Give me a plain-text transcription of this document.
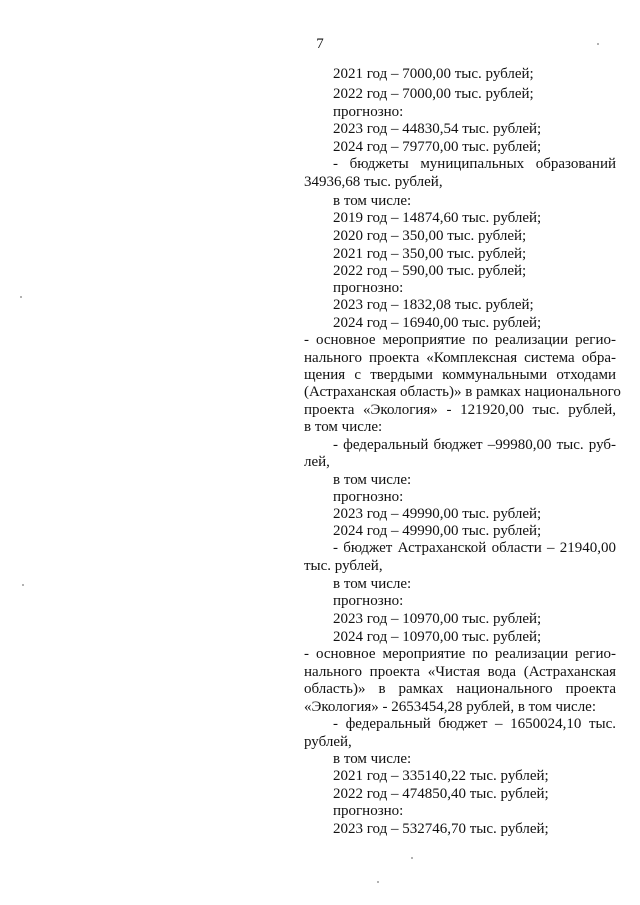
7
2021 год – 7000,00 тыс. рублей;
2022 год – 7000,00 тыс. рублей;
прогнозно:
2023 год – 44830,54 тыс. рублей;
2024 год – 79770,00 тыс. рублей;
- бюджеты муниципальных образований
34936,68 тыс. рублей,
в том числе:
2019 год – 14874,60 тыс. рублей;
2020 год – 350,00 тыс. рублей;
2021 год – 350,00 тыс. рублей;
2022 год – 590,00 тыс. рублей;
прогнозно:
2023 год – 1832,08 тыс. рублей;
2024 год – 16940,00 тыс. рублей;
- основное мероприятие по реализации регио-
нального проекта «Комплексная система обра-
щения с твердыми коммунальными отходами
(Астраханская область)» в рамках национального
проекта «Экология» - 121920,00 тыс. рублей,
в том числе:
- федеральный бюджет –99980,00 тыс. руб-
лей,
в том числе:
прогнозно:
2023 год – 49990,00 тыс. рублей;
2024 год – 49990,00 тыс. рублей;
- бюджет Астраханской области – 21940,00
тыс. рублей,
в том числе:
прогнозно:
2023 год – 10970,00 тыс. рублей;
2024 год – 10970,00 тыс. рублей;
- основное мероприятие по реализации регио-
нального проекта «Чистая вода (Астраханская
область)» в рамках национального проекта
«Экология» - 2653454,28 рублей, в том числе:
- федеральный бюджет – 1650024,10 тыс.
рублей,
в том числе:
2021 год – 335140,22 тыс. рублей;
2022 год – 474850,40 тыс. рублей;
прогнозно:
2023 год – 532746,70 тыс. рублей;
